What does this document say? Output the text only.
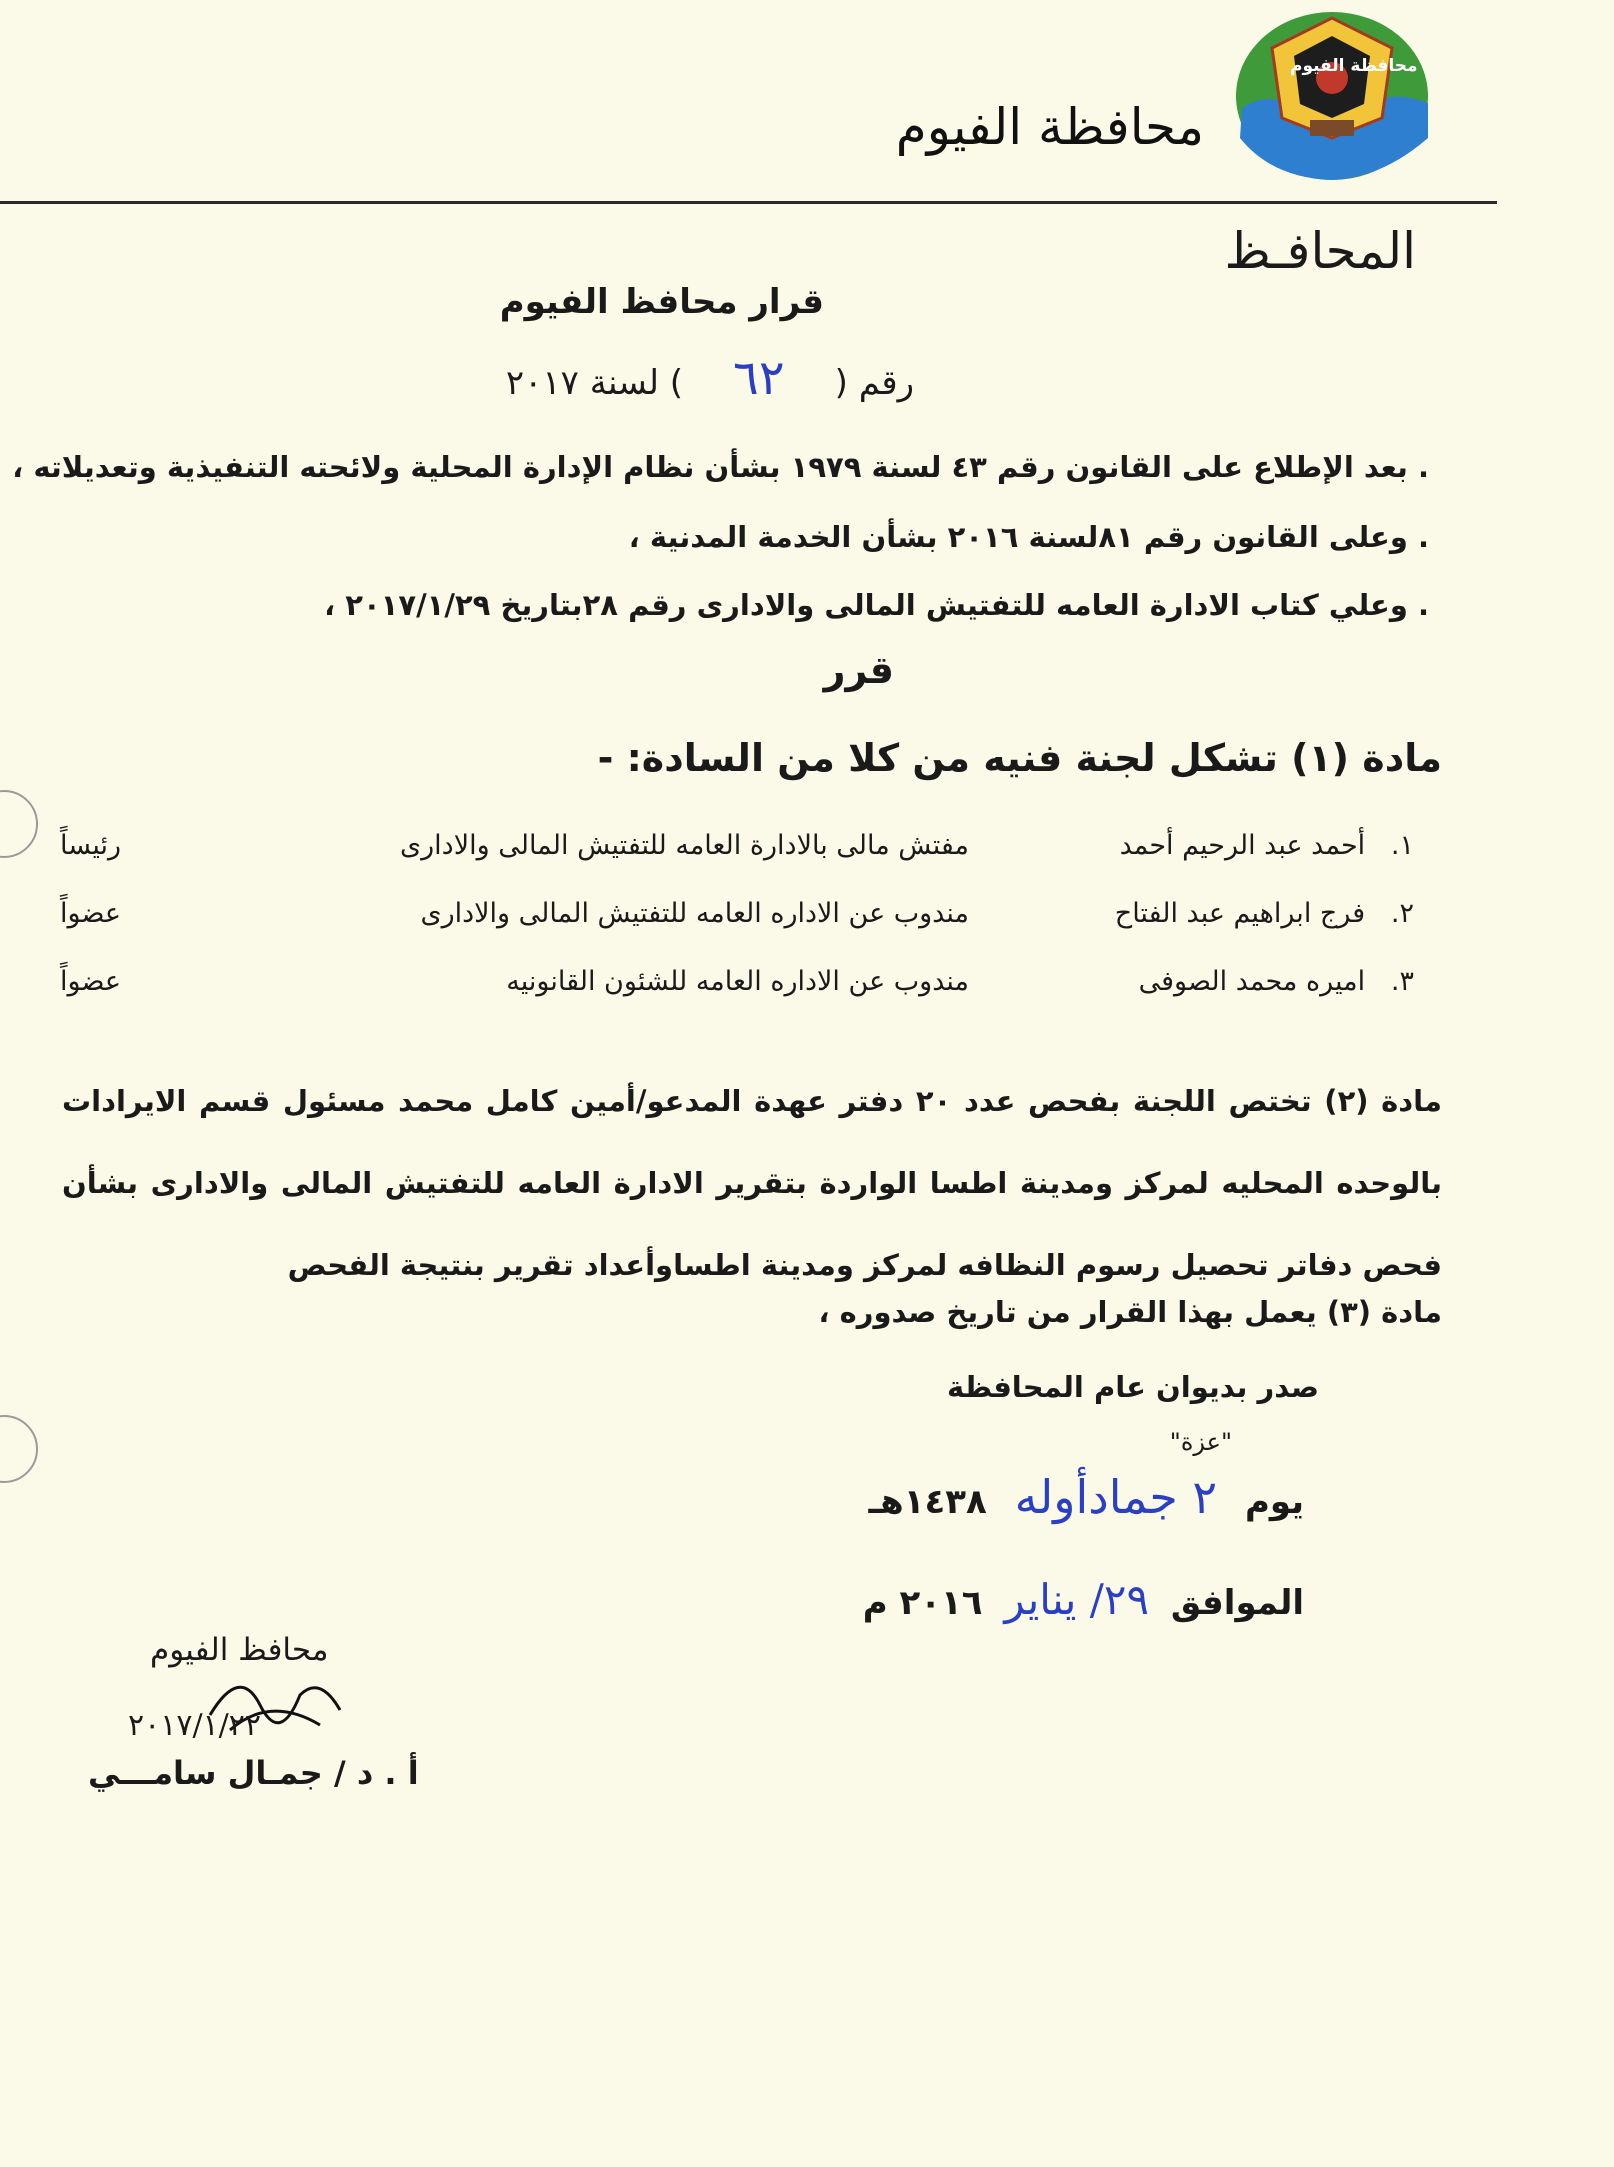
محافظة الفيوم
محافظة الفيوم
المحافـظ
قرار محافظ الفيوم
رقم ( ٦٢ ) لسنة ٢٠١٧
. بعد الإطلاع على القانون رقم ٤٣ لسنة ١٩٧٩ بشأن نظام الإدارة المحلية ولائحته التنفيذية وتعديلاته ،
. وعلى القانون رقم ٨١لسنة ٢٠١٦ بشأن الخدمة المدنية ،
. وعلي كتاب الادارة العامه للتفتيش المالى والادارى رقم ٢٨بتاريخ ٢٠١٧/١/٢٩ ،
قرر
مادة (١) تشكل لجنة فنيه من كلا من السادة: -
١.   أحمد عبد الرحيم أحمد
مفتش مالى بالادارة العامه للتفتيش المالى والادارى
رئيساً
٢.   فرج ابراهيم عبد الفتاح
مندوب عن الاداره العامه للتفتيش المالى والادارى
عضواً
٣.   اميره محمد الصوفى
مندوب عن الاداره العامه للشئون القانونيه
عضواً
مادة (٢) تختص اللجنة بفحص عدد ٢٠ دفتر عهدة المدعو/أمين كامل محمد مسئول قسم الايرادات بالوحده المحليه لمركز ومدينة اطسا الواردة بتقرير الادارة العامه للتفتيش المالى والادارى بشأن فحص دفاتر تحصيل رسوم النظافه لمركز ومدينة اطساوأعداد تقرير بنتيجة الفحص
مادة (٣) يعمل بهذا القرار من تاريخ صدوره ،
صدر بديوان عام المحافظة
"عزة"
يوم ٢ جمادأوله ١٤٣٨هـ
الموافق ٢٩/ يناير ٢٠١٦ م
محافظ الفيوم
٢٠١٧/١/٢٢
أ . د / جمـال سامـــي
